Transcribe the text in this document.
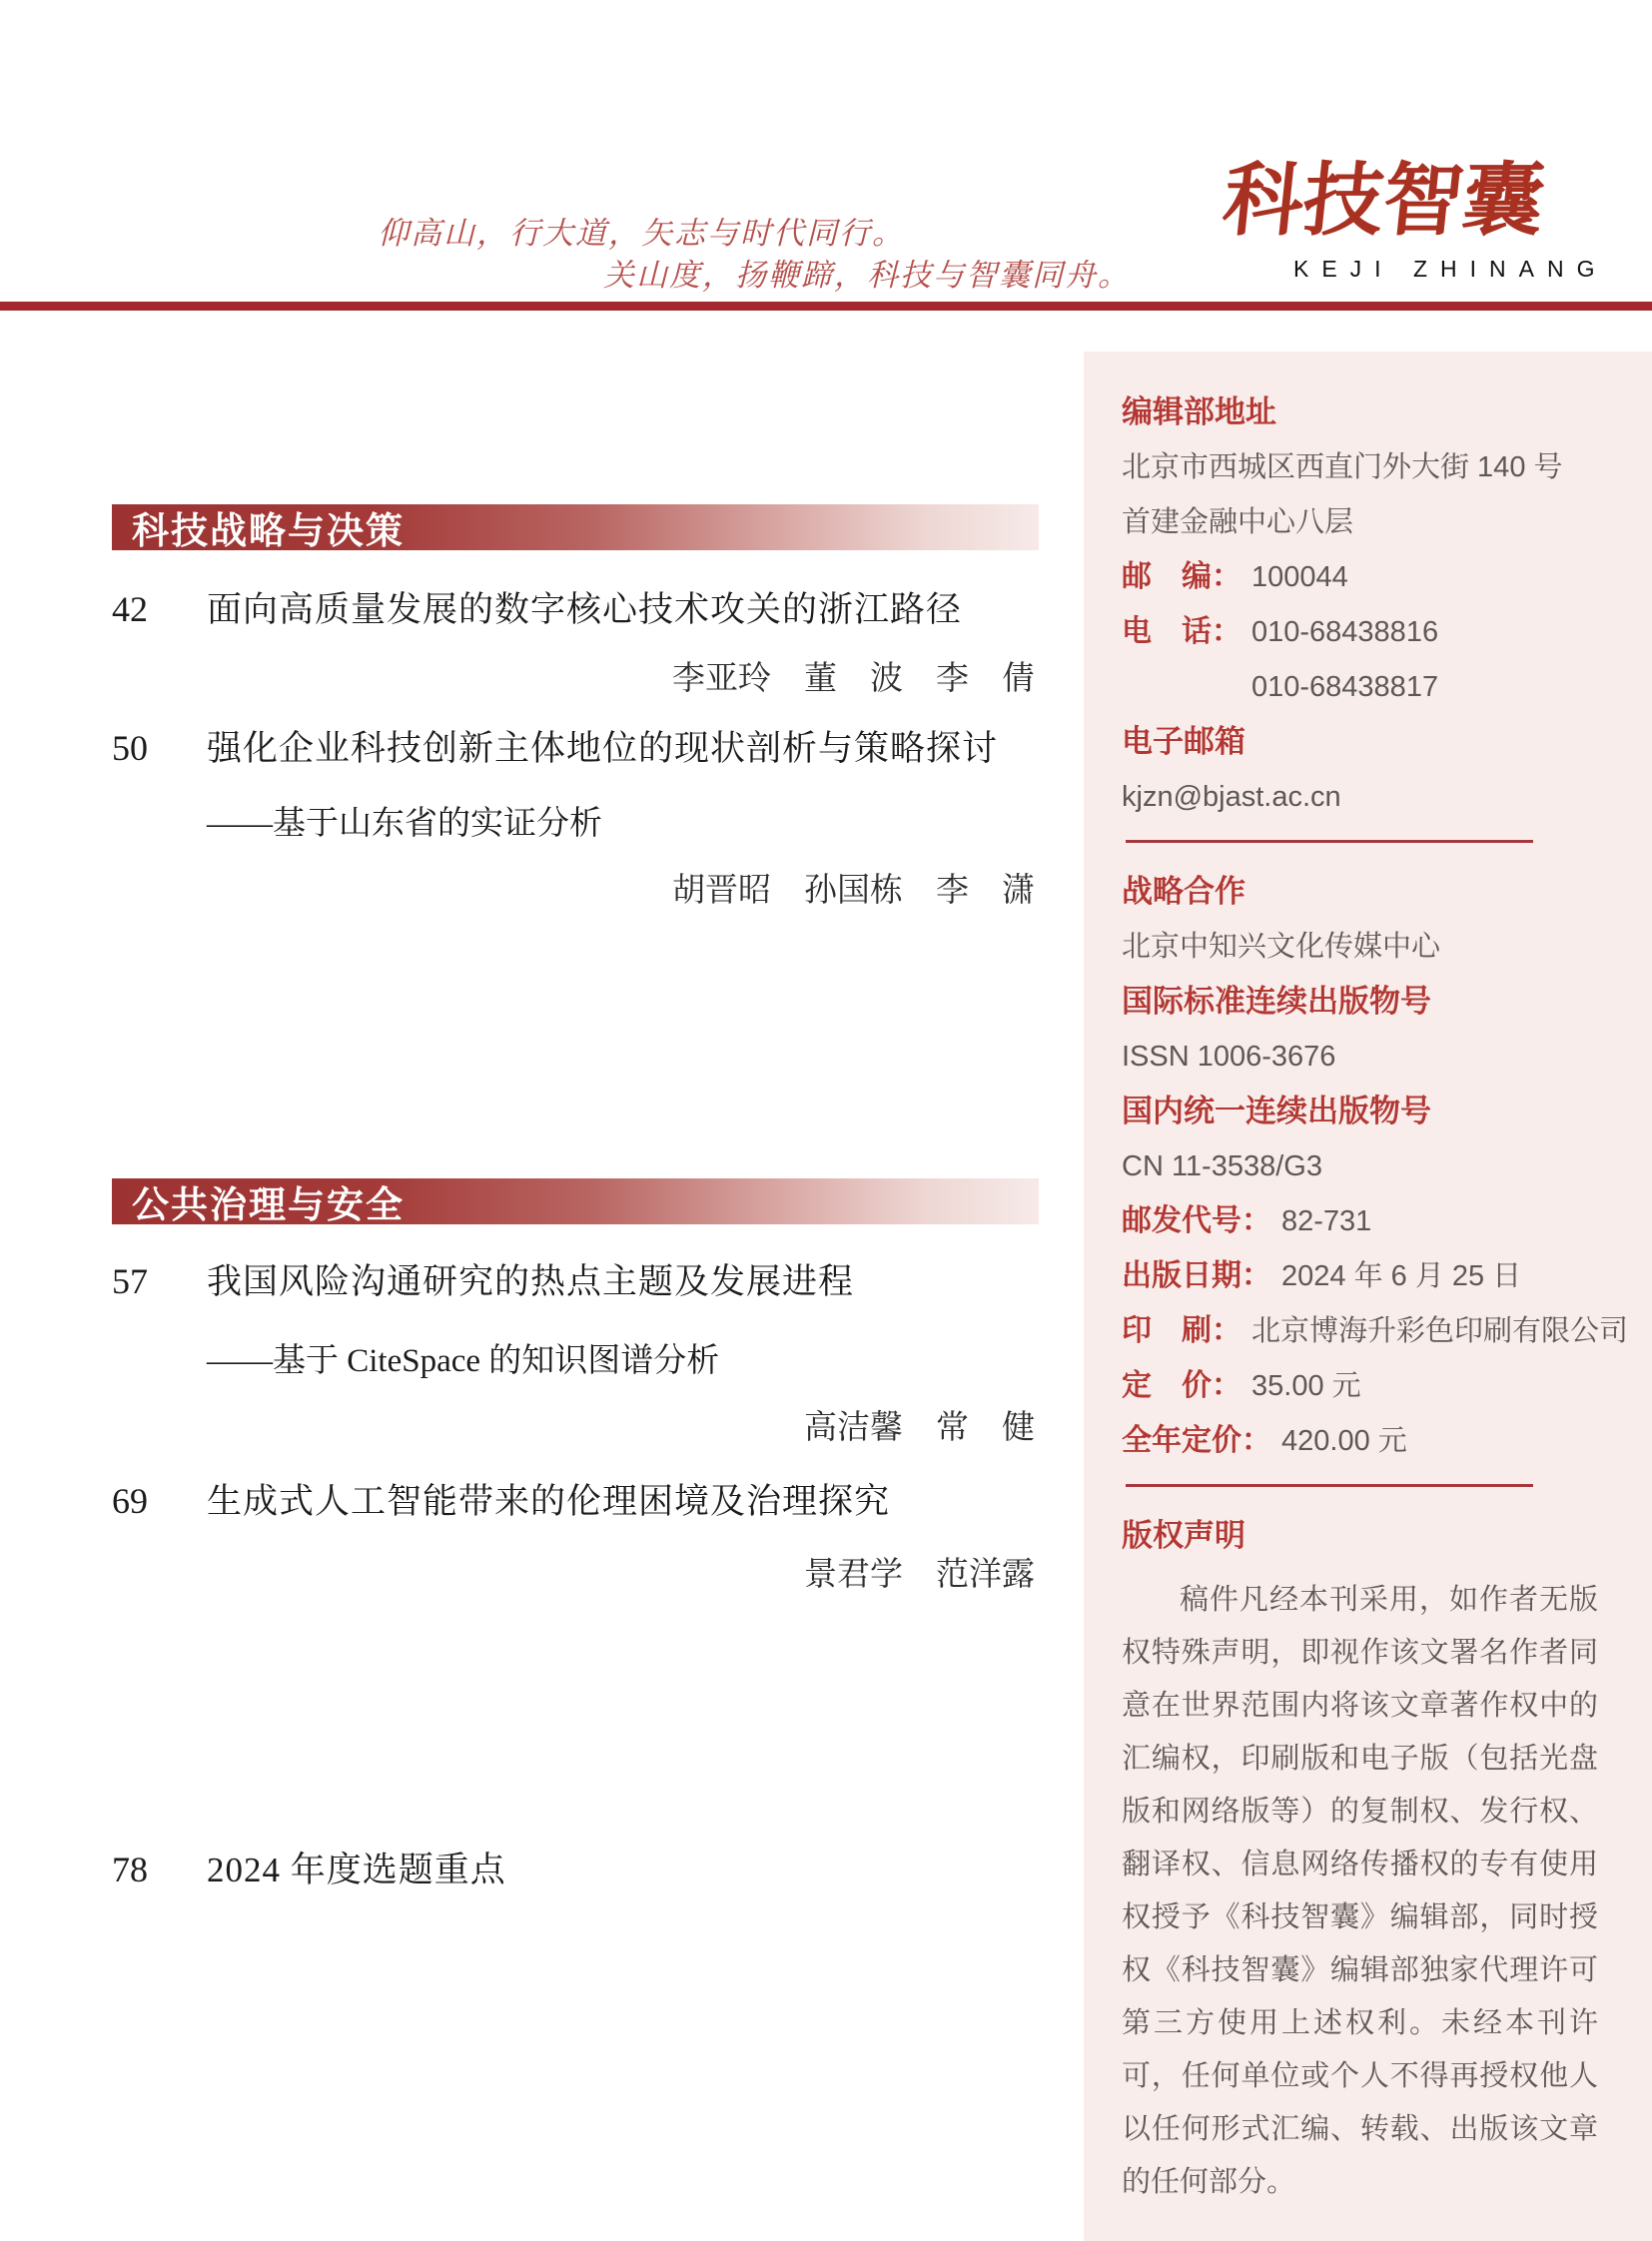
仰高山，行大道，矢志与时代同行。
关山度，扬鞭蹄，科技与智囊同舟。
科技智囊
KEJI ZHINANG
科技战略与决策
42	面向高质量发展的数字核心技术攻关的浙江路径
李亚玲　董　波　李　倩
50	强化企业科技创新主体地位的现状剖析与策略探讨
——基于山东省的实证分析
胡晋昭　孙国栋　李　潇
公共治理与安全
57	我国风险沟通研究的热点主题及发展进程
——基于 CiteSpace 的知识图谱分析
高洁馨　常　健
69	生成式人工智能带来的伦理困境及治理探究
景君学　范洋露
78	2024 年度选题重点
编辑部地址
北京市西城区西直门外大街 140 号
首建金融中心八层
邮　编： 100044
电　话： 010-68438816
010-68438817
电子邮箱
kjzn@bjast.ac.cn
战略合作
北京中知兴文化传媒中心
国际标准连续出版物号
ISSN 1006-3676
国内统一连续出版物号
CN 11-3538/G3
邮发代号： 82-731
出版日期： 2024 年 6 月 25 日
印　刷： 北京博海升彩色印刷有限公司
定　价： 35.00 元
全年定价： 420.00 元
版权声明

稿件凡经本刊采用，如作者无版权特殊声明，即视作该文署名作者同意在世界范围内将该文章著作权中的汇编权，印刷版和电子版（包括光盘版和网络版等）的复制权、发行权、翻译权、信息网络传播权的专有使用权授予《科技智囊》编辑部，同时授权《科技智囊》编辑部独家代理许可第三方使用上述权利。未经本刊许可，任何单位或个人不得再授权他人以任何形式汇编、转载、出版该文章的任何部分。
